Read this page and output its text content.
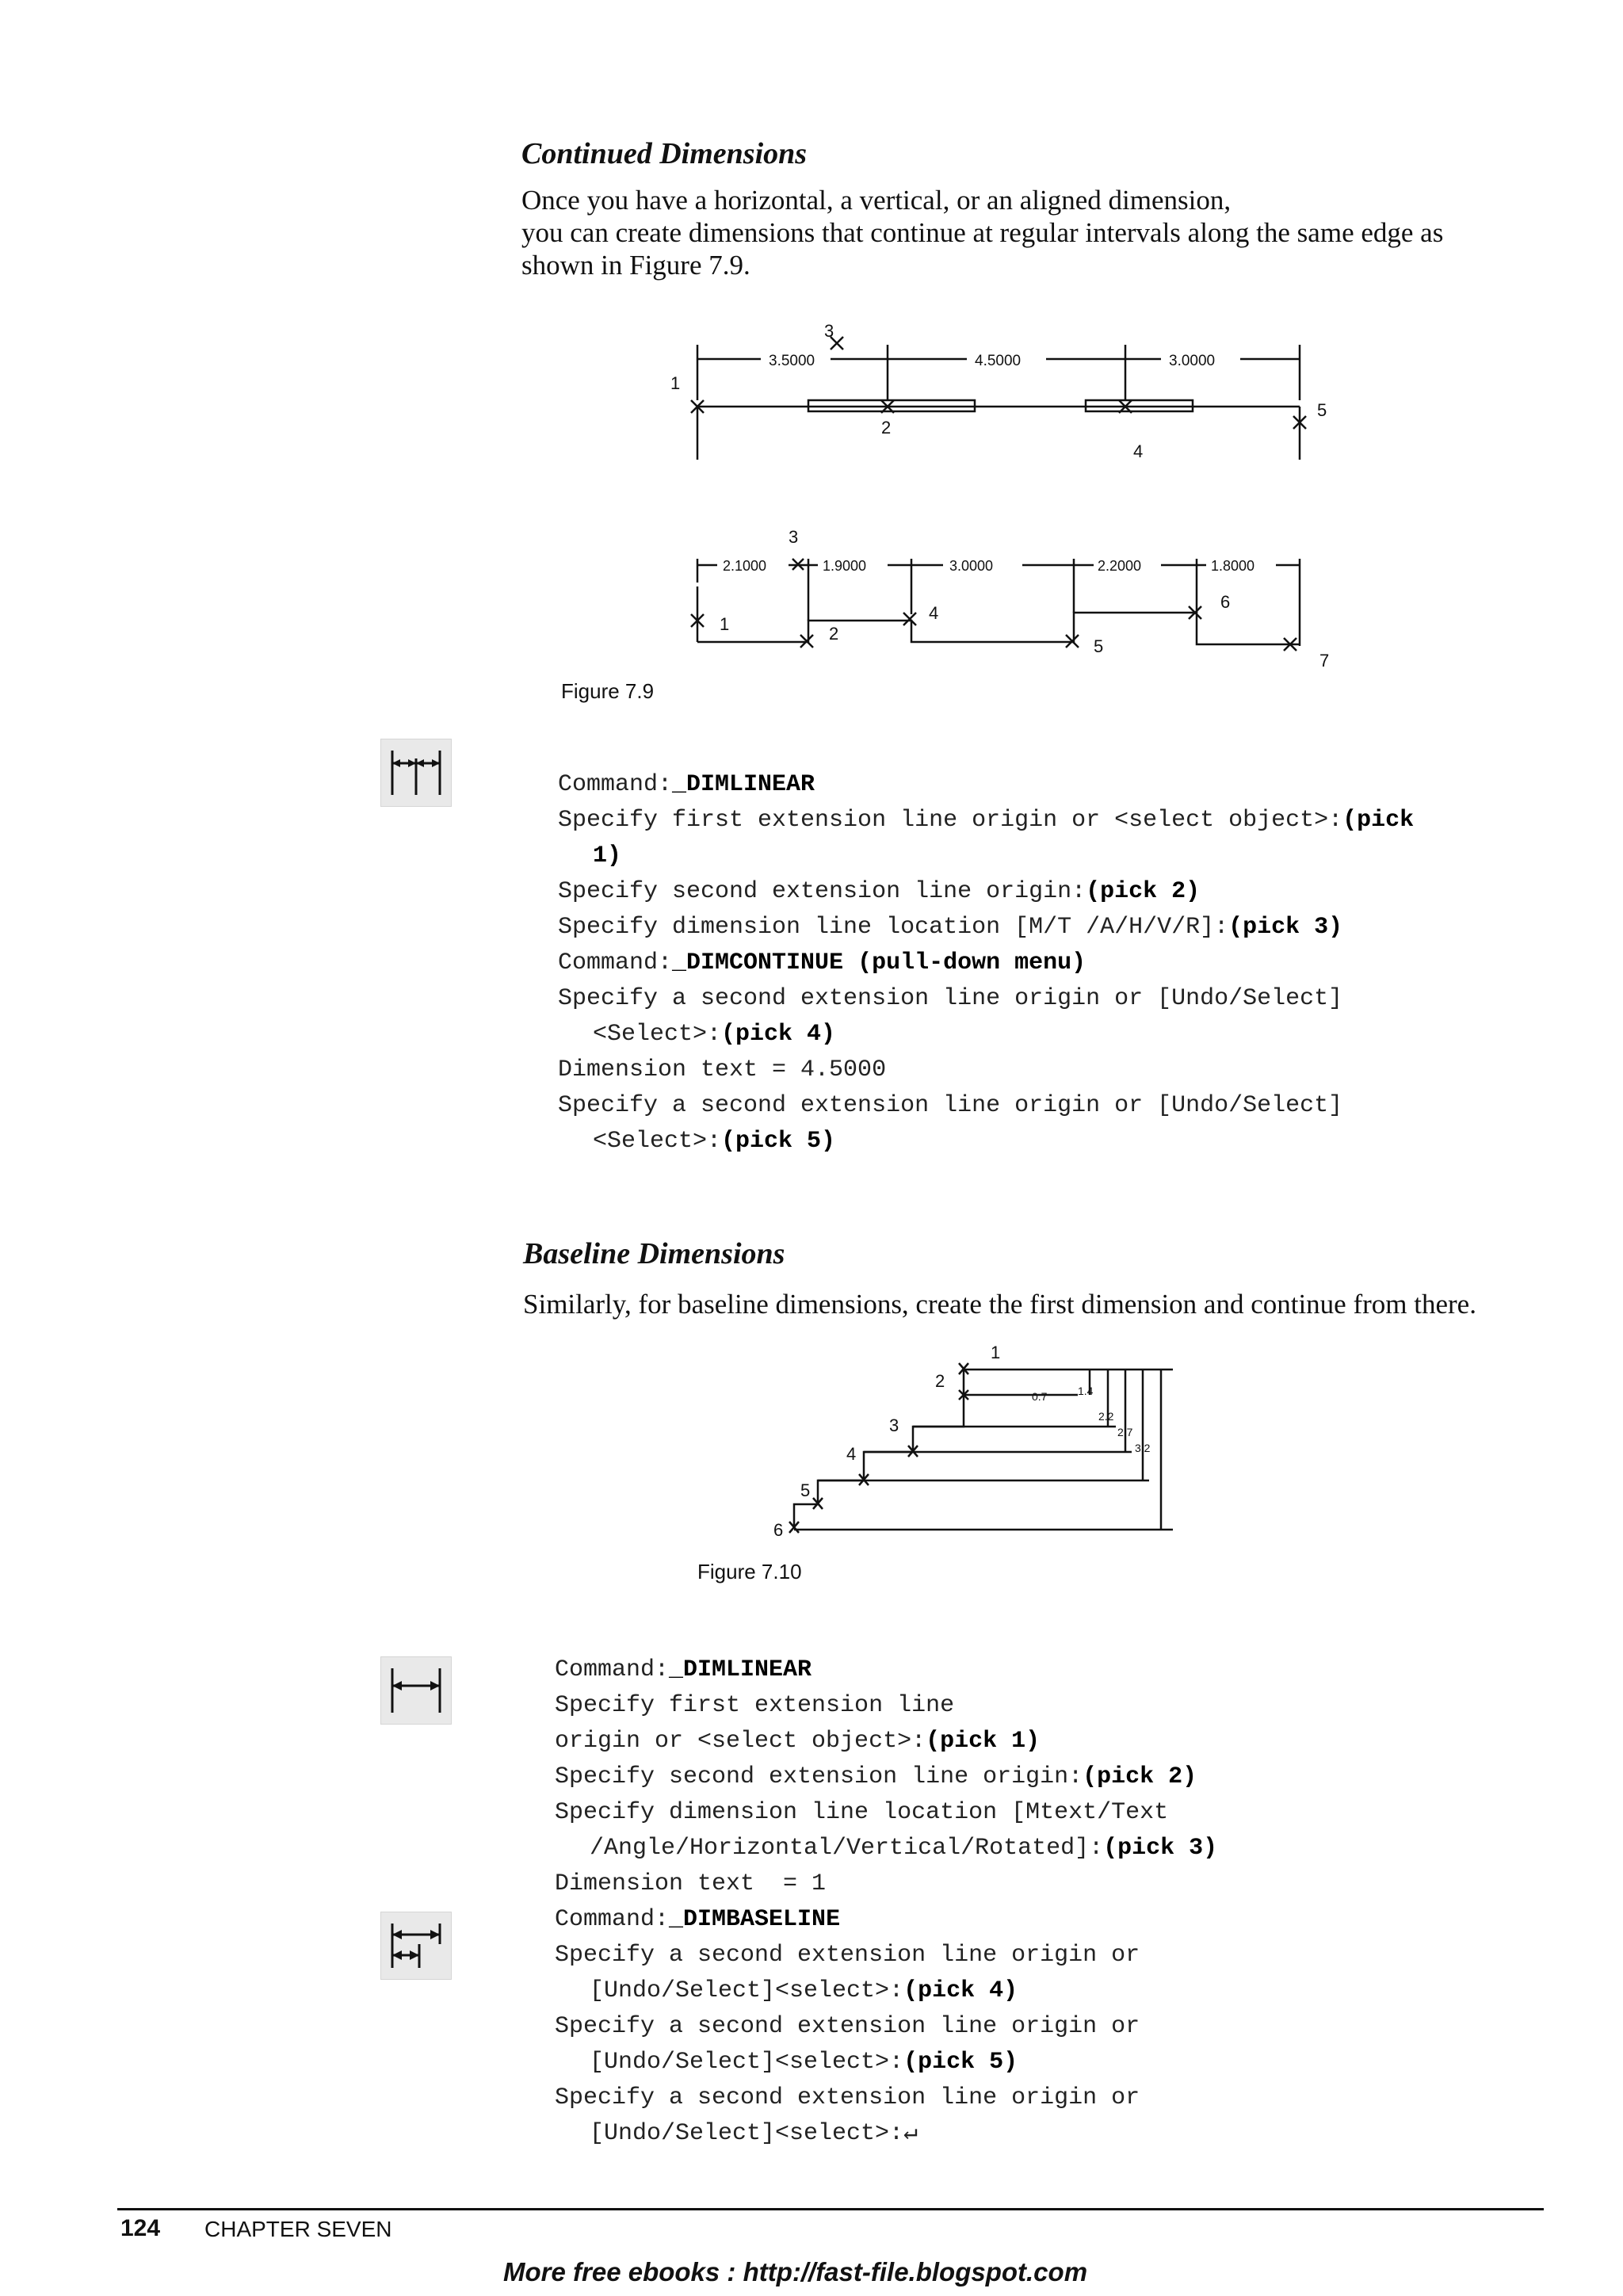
Continued Dimensions
Once you have a horizontal, a vertical, or an aligned dimension,
you can create dimensions that continue at regular intervals along the same edge as
shown in Figure 7.9.
3.5000	4.5000	3.0000
1
2
3
4
5
2.1000	1.9000	3.0000	2.2000	1.8000
1	2
3
4
5
6
7
Figure 7.9
Command:_DIMLINEAR
Specify first extension line origin or <select object>:(pick
1)
Specify second extension line origin:(pick 2)
Specify dimension line location [M/T /A/H/V/R]:(pick 3)
Command:_DIMCONTINUE (pull-down menu)
Specify a second extension line origin or [Undo/Select]
<Select>:(pick 4)
Dimension text = 4.5000
Specify a second extension line origin or [Undo/Select]
<Select>:(pick 5)
Baseline Dimensions
Similarly, for baseline dimensions, create the first dimension and continue from there.
0.7	1.4
2.2
2.7
3.2
1
2
3
4
5
6
Figure 7.10
Command:_DIMLINEAR
Specify first extension line
origin or <select object>:(pick 1)
Specify second extension line origin:(pick 2)
Specify dimension line location [Mtext/Text
/Angle/Horizontal/Vertical/Rotated]:(pick 3)
Dimension text  = 1
Command:_DIMBASELINE
Specify a second extension line origin or
[Undo/Select]<select>:(pick 4)
Specify a second extension line origin or
[Undo/Select]<select>:(pick 5)
Specify a second extension line origin or
[Undo/Select]<select>:↵
124 CHAPTER SEVEN
More free ebooks : http://fast-file.blogspot.com
